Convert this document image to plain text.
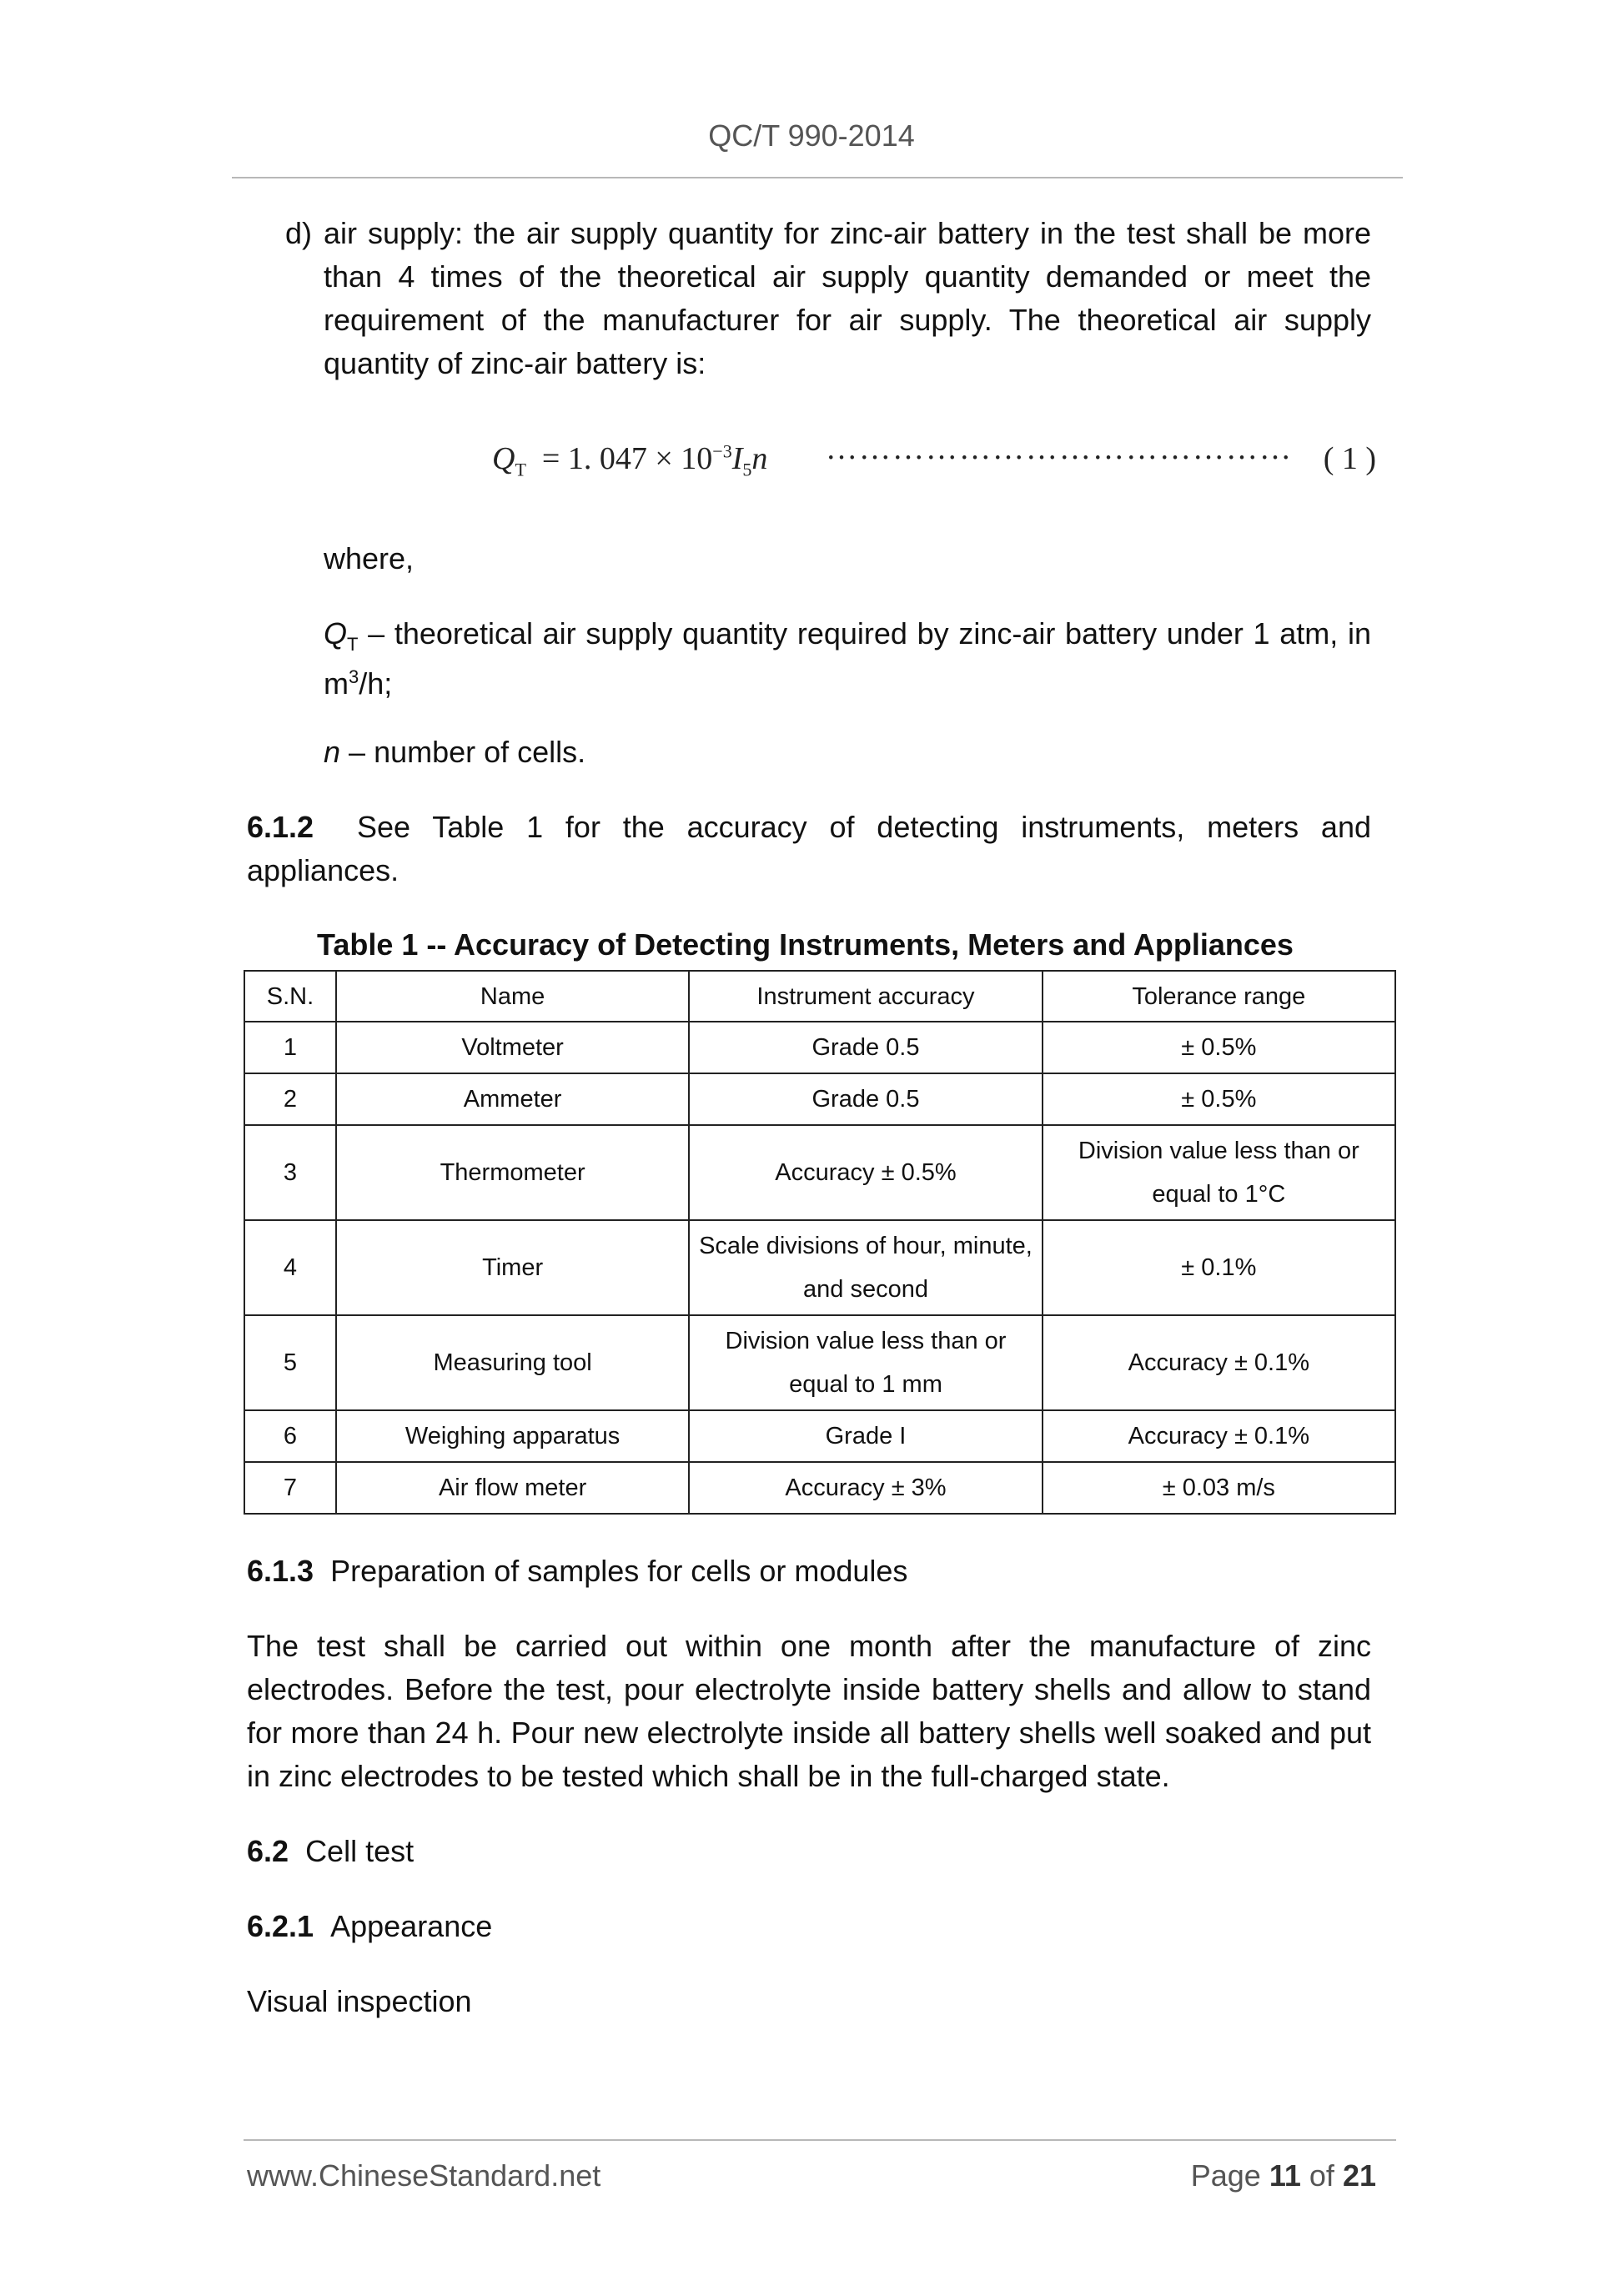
QC/T 990-2014
d) air supply: the air supply quantity for zinc-air battery in the test shall be more
than 4 times of the theoretical air supply quantity demanded or meet the
requirement of the manufacturer for air supply. The theoretical air supply
quantity of zinc-air battery is:
$Q_T = 1$. $047 \times 10^{-3}I_5n$ …………………………………… ( 1 )
where,
$Q_T$ – theoretical air supply quantity required by zinc-air battery under 1 atm, in
$m^3/h$;
n – number of cells.
6.1.2 See Table 1 for the accuracy of detecting instruments, meters and
appliances.
Table 1 -- Accuracy of Detecting Instruments, Meters and Appliances
S.N.	Name	Instrument accuracy	Tolerance range
1	Voltmeter	Grade 0.5	± 0.5%
2	Ammeter	Grade 0.5	± 0.5%
3	Thermometer	Accuracy ± 0.5%	Division value less than or equal to 1°C
4	Timer	Scale divisions of hour, minute, and second	± 0.1%
5	Measuring tool	Division value less than or equal to 1 mm	Accuracy ± 0.1%
6	Weighing apparatus	Grade I	Accuracy ± 0.1%
7	Air flow meter	Accuracy ± 3%	± 0.03 m/s
6.1.3 Preparation of samples for cells or modules
The test shall be carried out within one month after the manufacture of zinc
electrodes. Before the test, pour electrolyte inside battery shells and allow to stand
for more than 24 h. Pour new electrolyte inside all battery shells well soaked and put
in zinc electrodes to be tested which shall be in the full-charged state.
6.2 Cell test
6.2.1 Appearance
Visual inspection
www.ChineseStandard.net	Page 11 of 21
